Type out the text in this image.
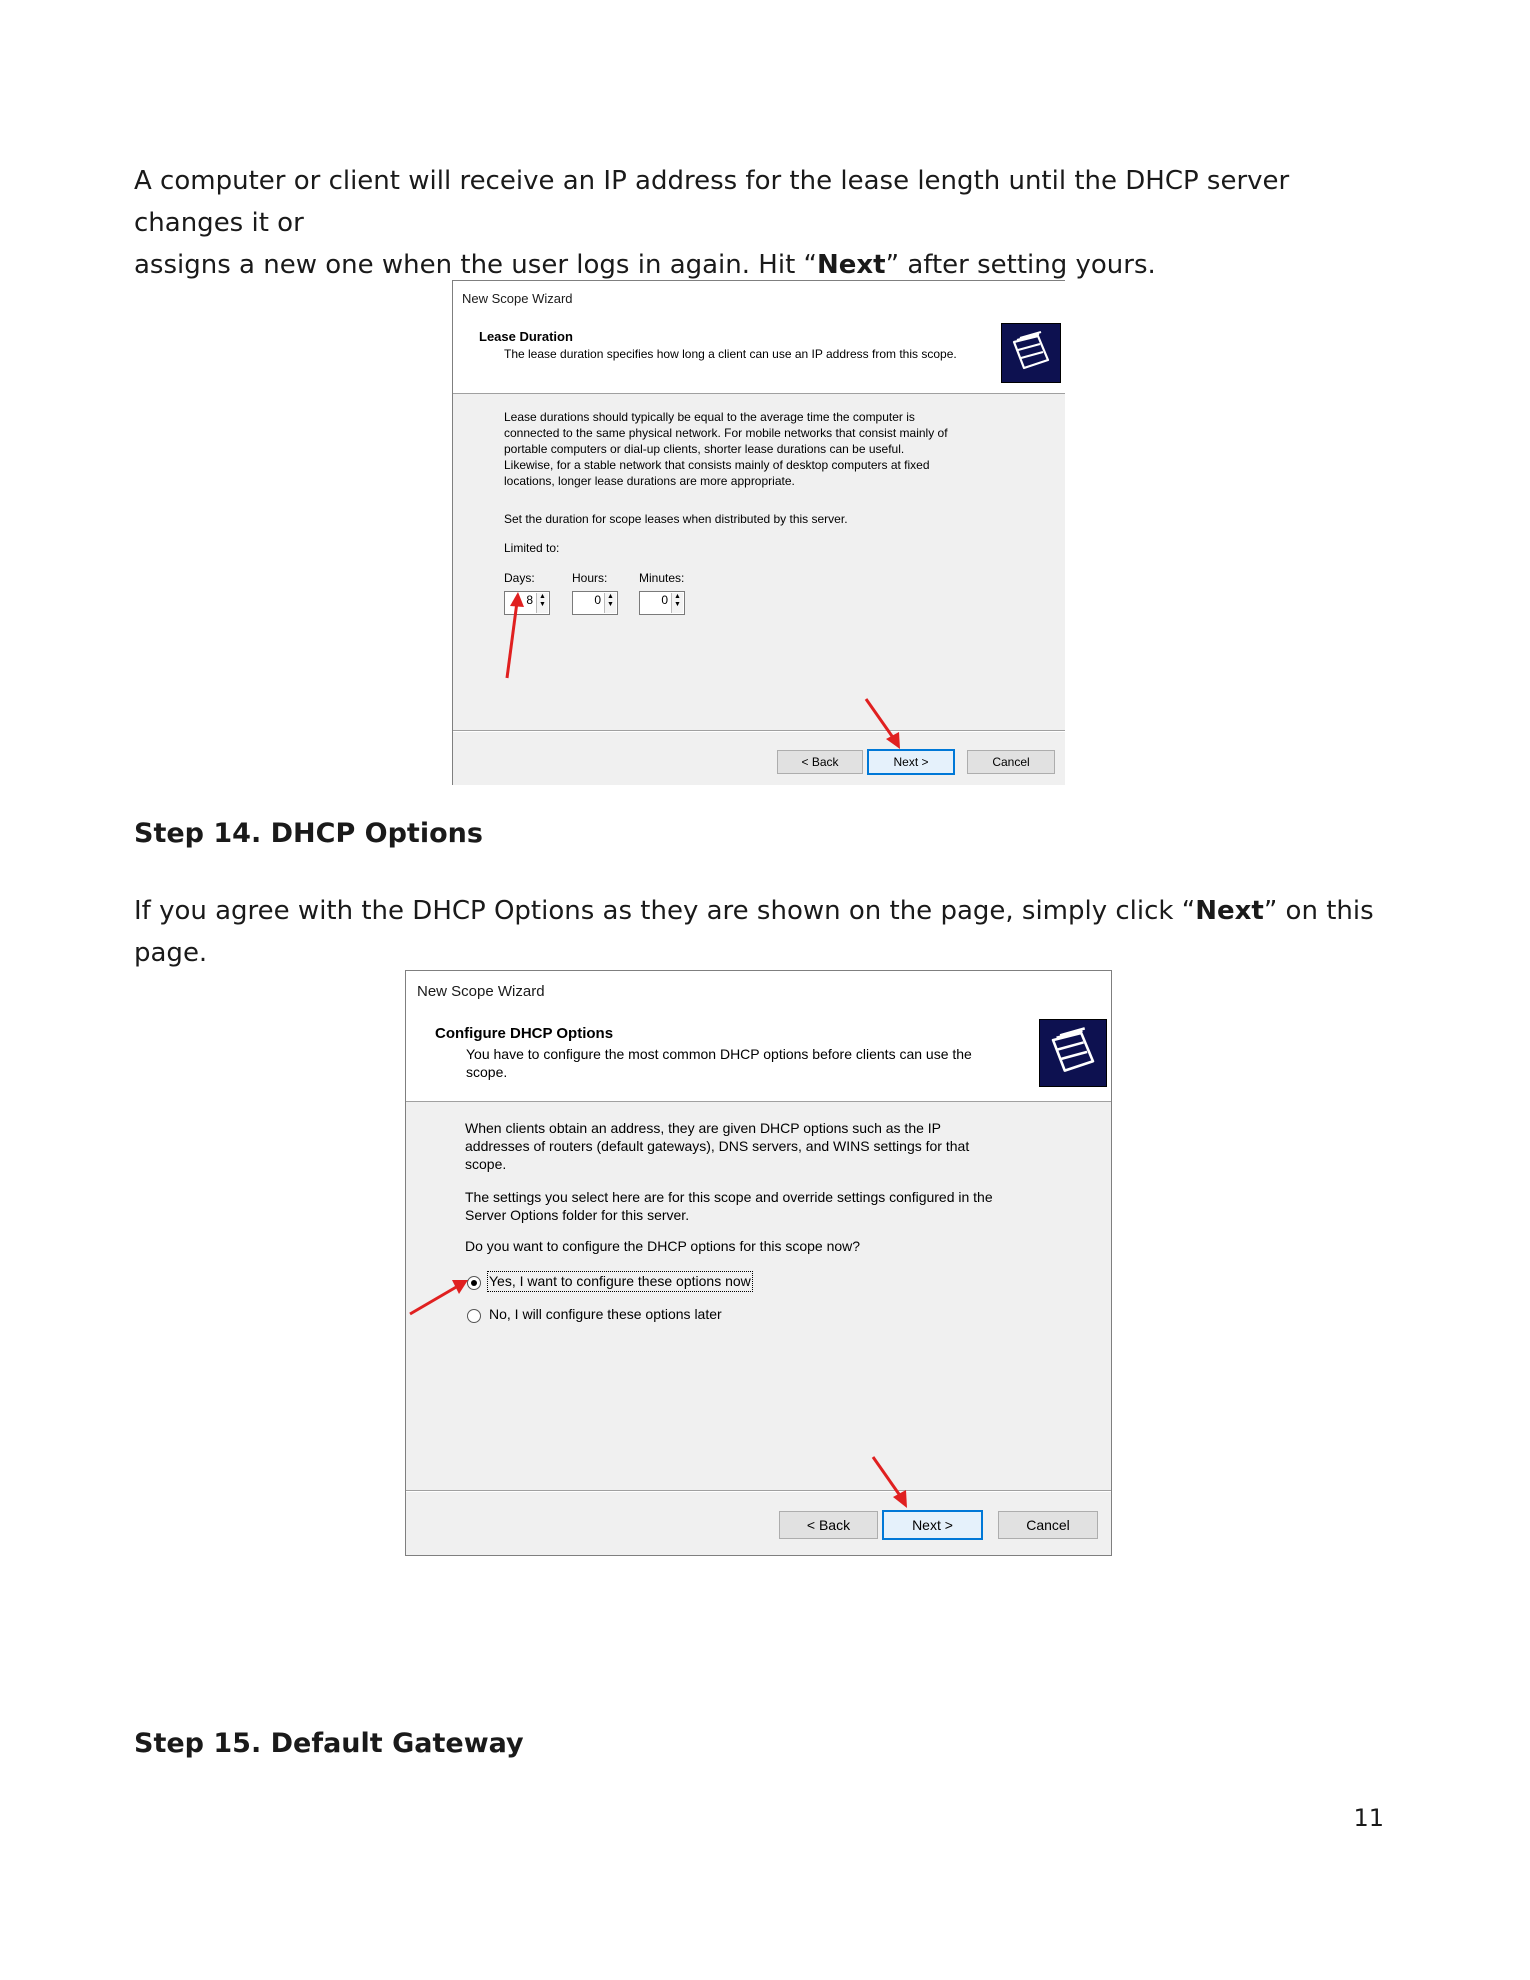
A computer or client will receive an IP address for the lease length until the DHCP server changes it or
assigns a new one when the user logs in again. Hit “Next” after setting yours.
New Scope Wizard
Lease Duration
The lease duration specifies how long a client can use an IP address from this scope.
Lease durations should typically be equal to the average time the computer is
connected to the same physical network. For mobile networks that consist mainly of
portable computers or dial-up clients, shorter lease durations can be useful.
Likewise, for a stable network that consists mainly of desktop computers at fixed
locations, longer lease durations are more appropriate.
Set the duration for scope leases when distributed by this server.
Limited to:
Days:	Hours:	Minutes:
8 ▲
▼	0 ▲
▼	0 ▲
▼
< Back	Next >	Cancel
Step 14. DHCP Options
If you agree with the DHCP Options as they are shown on the page, simply click “Next” on this page.
New Scope Wizard
Configure DHCP Options
You have to configure the most common DHCP options before clients can use the
scope.
When clients obtain an address, they are given DHCP options such as the IP
addresses of routers (default gateways), DNS servers, and WINS settings for that
scope.
The settings you select here are for this scope and override settings configured in the
Server Options folder for this server.
Do you want to configure the DHCP options for this scope now?
Yes, I want to configure these options now
No, I will configure these options later
< Back	Next >	Cancel
Step 15. Default Gateway
11
